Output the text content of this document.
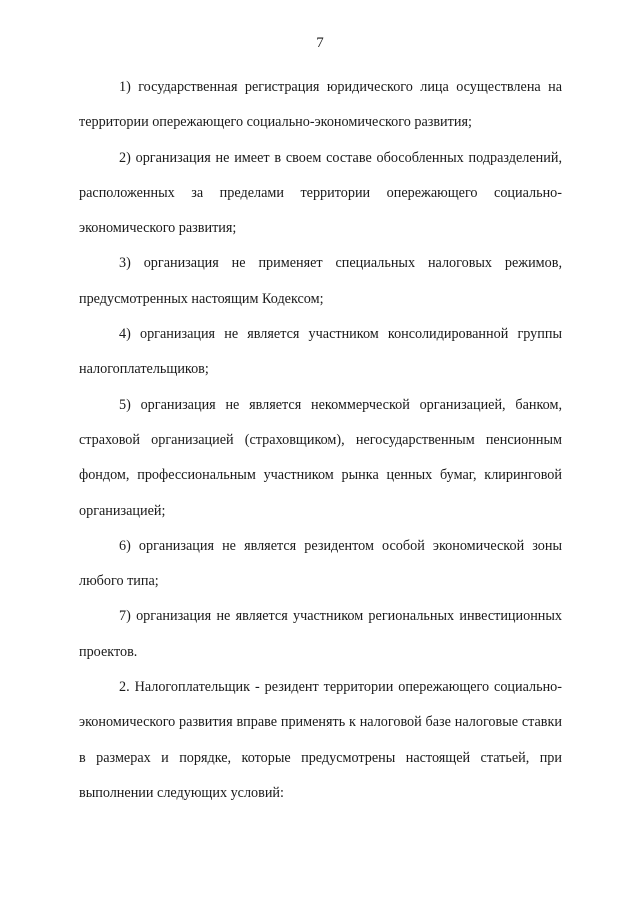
7

1) государственная регистрация юридического лица осуществлена на территории опережающего социально-экономического развития;

2) организация не имеет в своем составе обособленных подразделений, расположенных за пределами территории опережающего социально-экономического развития;

3) организация не применяет специальных налоговых режимов, предусмотренных настоящим Кодексом;

4) организация не является участником консолидированной группы налогоплательщиков;

5) организация не является некоммерческой организацией, банком, страховой организацией (страховщиком), негосударственным пенсионным фондом, профессиональным участником рынка ценных бумаг, клиринговой организацией;

6) организация не является резидентом особой экономической зоны любого типа;

7) организация не является участником региональных инвестиционных проектов.

2. Налогоплательщик - резидент территории опережающего социально-экономического развития вправе применять к налоговой базе налоговые ставки в размерах и порядке, которые предусмотрены настоящей статьей, при выполнении следующих условий:
